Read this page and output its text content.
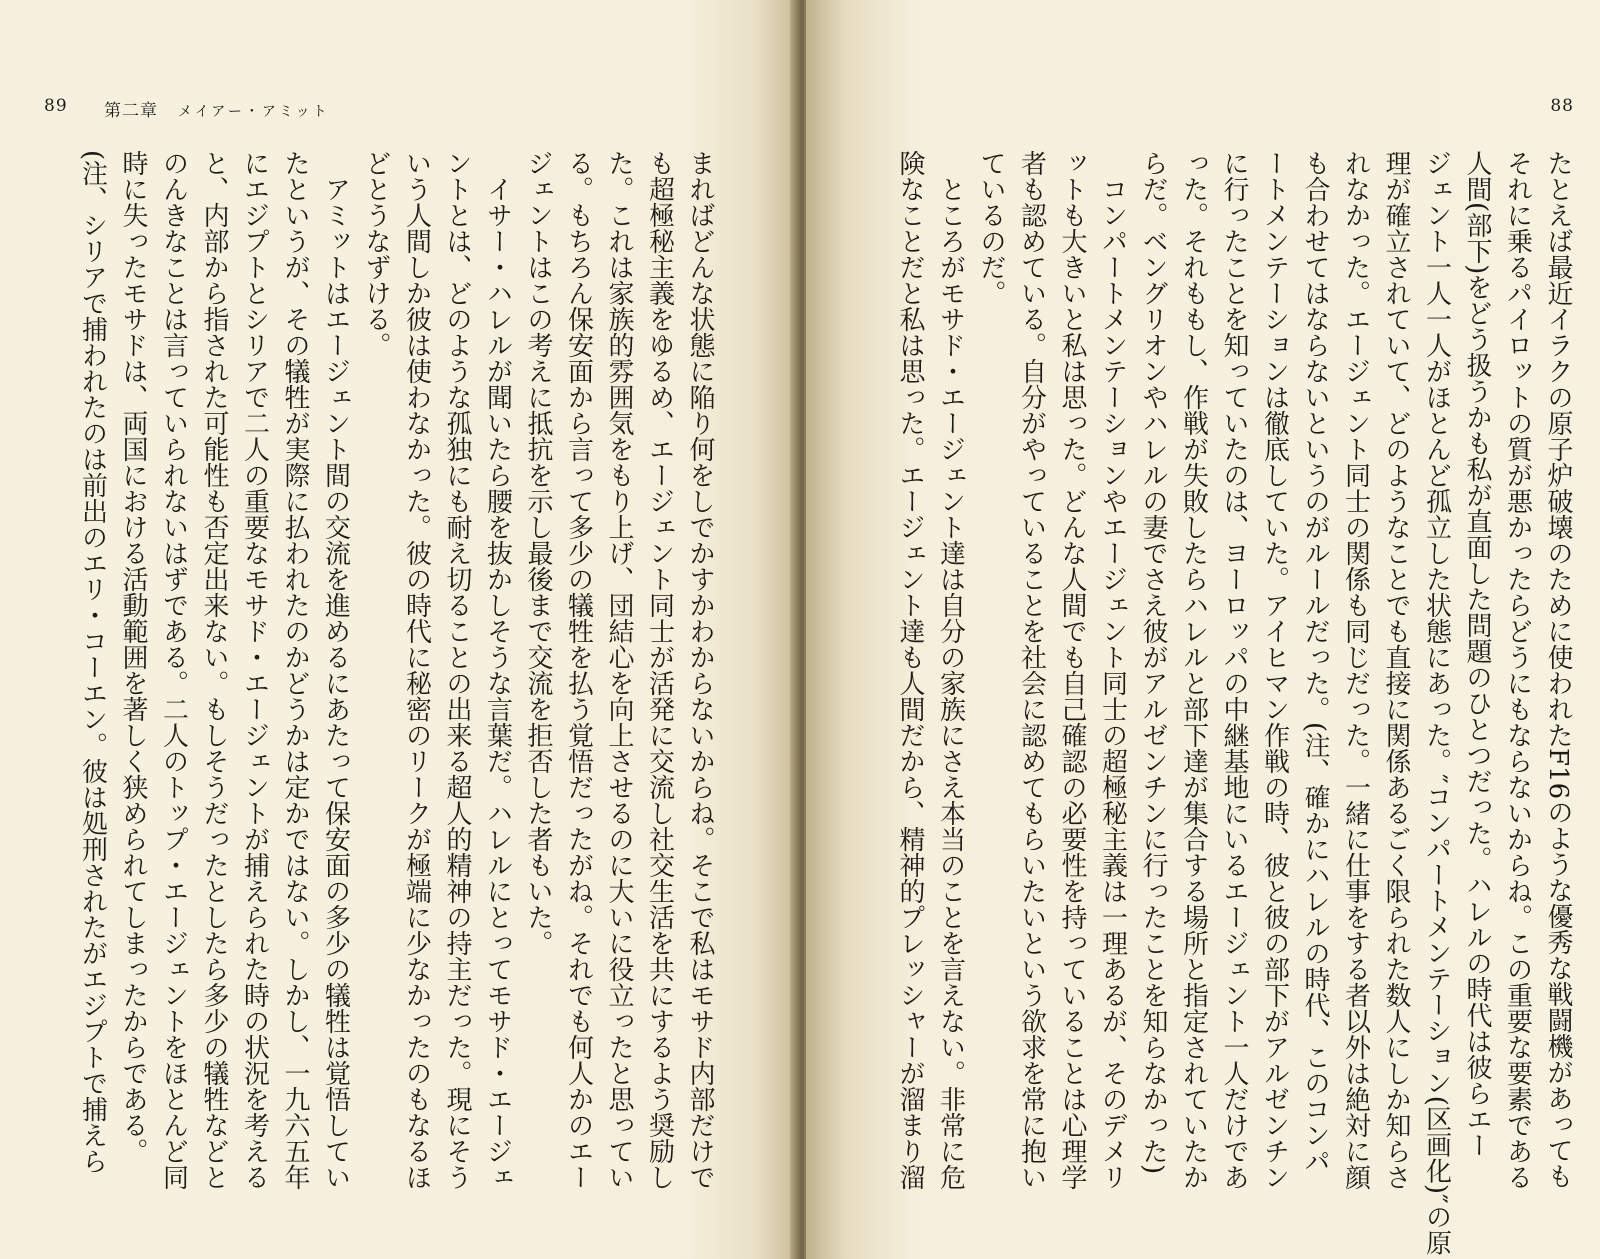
89 第二章 メイアー・アミット

まればどんな状態に陥り何をしでかすかわからないからね。そこで私はモサド内部だけで

も超極秘主義をゆるめ、エージェント同士が活発に交流し社交生活を共にするよう奨励し

た。これは家族的雰囲気をもり上げ、団結心を向上させるのに大いに役立ったと思ってい

る。もちろん保安面から言って多少の犠牲を払う覚悟だったがね。それでも何人かのエー

ジェントはこの考えに抵抗を示し最後まで交流を拒否した者もいた。

イサー・ハレルが聞いたら腰を抜かしそうな言葉だ。ハレルにとってモサド・エージェ

ントとは、どのような孤独にも耐え切ることの出来る超人的精神の持主だった。現にそう

いう人間しか彼は使わなかった。彼の時代に秘密のリークが極端に少なかったのもなるほ

どとうなずける。

アミットはエージェント間の交流を進めるにあたって保安面の多少の犠牲は覚悟してい

たというが、その犠牲が実際に払われたのかどうかは定かではない。しかし、一九六五年

にエジプトとシリアで二人の重要なモサド・エージェントが捕えられた時の状況を考える

と、内部から指された可能性も否定出来ない。もしそうだったとしたら多少の犠牲などと

のんきなことは言っていられないはずである。二人のトップ・エージェントをほとんど同

時に失ったモサドは、両国における活動範囲を著しく狭められてしまったからである。

(注、シリアで捕われたのは前出のエリ・コーエン。彼は処刑されたがエジプトで捕えら

88

たとえば最近イラクの原子炉破壊のために使われたF16のような優秀な戦闘機があっても

それに乗るパイロットの質が悪かったらどうにもならないからね。この重要な要素である

人間(部下)をどう扱うかも私が直面した問題のひとつだった。ハレルの時代は彼らエー

ジェント一人一人がほとんど孤立した状態にあった。″コンパートメンテーション(区画化)″の原

理が確立されていて、どのようなことでも直接に関係あるごく限られた数人にしか知らさ

れなかった。エージェント同士の関係も同じだった。一緒に仕事をする者以外は絶対に顔

も合わせてはならないというのがルールだった。(注、確かにハレルの時代、このコンパ

ートメンテーションは徹底していた。アイヒマン作戦の時、彼と彼の部下がアルゼンチン

に行ったことを知っていたのは、ヨーロッパの中継基地にいるエージェント一人だけであ

った。それももし、作戦が失敗したらハレルと部下達が集合する場所と指定されていたか

らだ。ベングリオンやハレルの妻でさえ彼がアルゼンチンに行ったことを知らなかった)

コンパートメンテーションやエージェント同士の超極秘主義は一理あるが、そのデメリ

ットも大きいと私は思った。どんな人間でも自己確認の必要性を持っていることは心理学

者も認めている。自分がやっていることを社会に認めてもらいたいという欲求を常に抱い

ているのだ。

ところがモサド・エージェント達は自分の家族にさえ本当のことを言えない。非常に危

険なことだと私は思った。エージェント達も人間だから、精神的プレッシャーが溜まり溜
